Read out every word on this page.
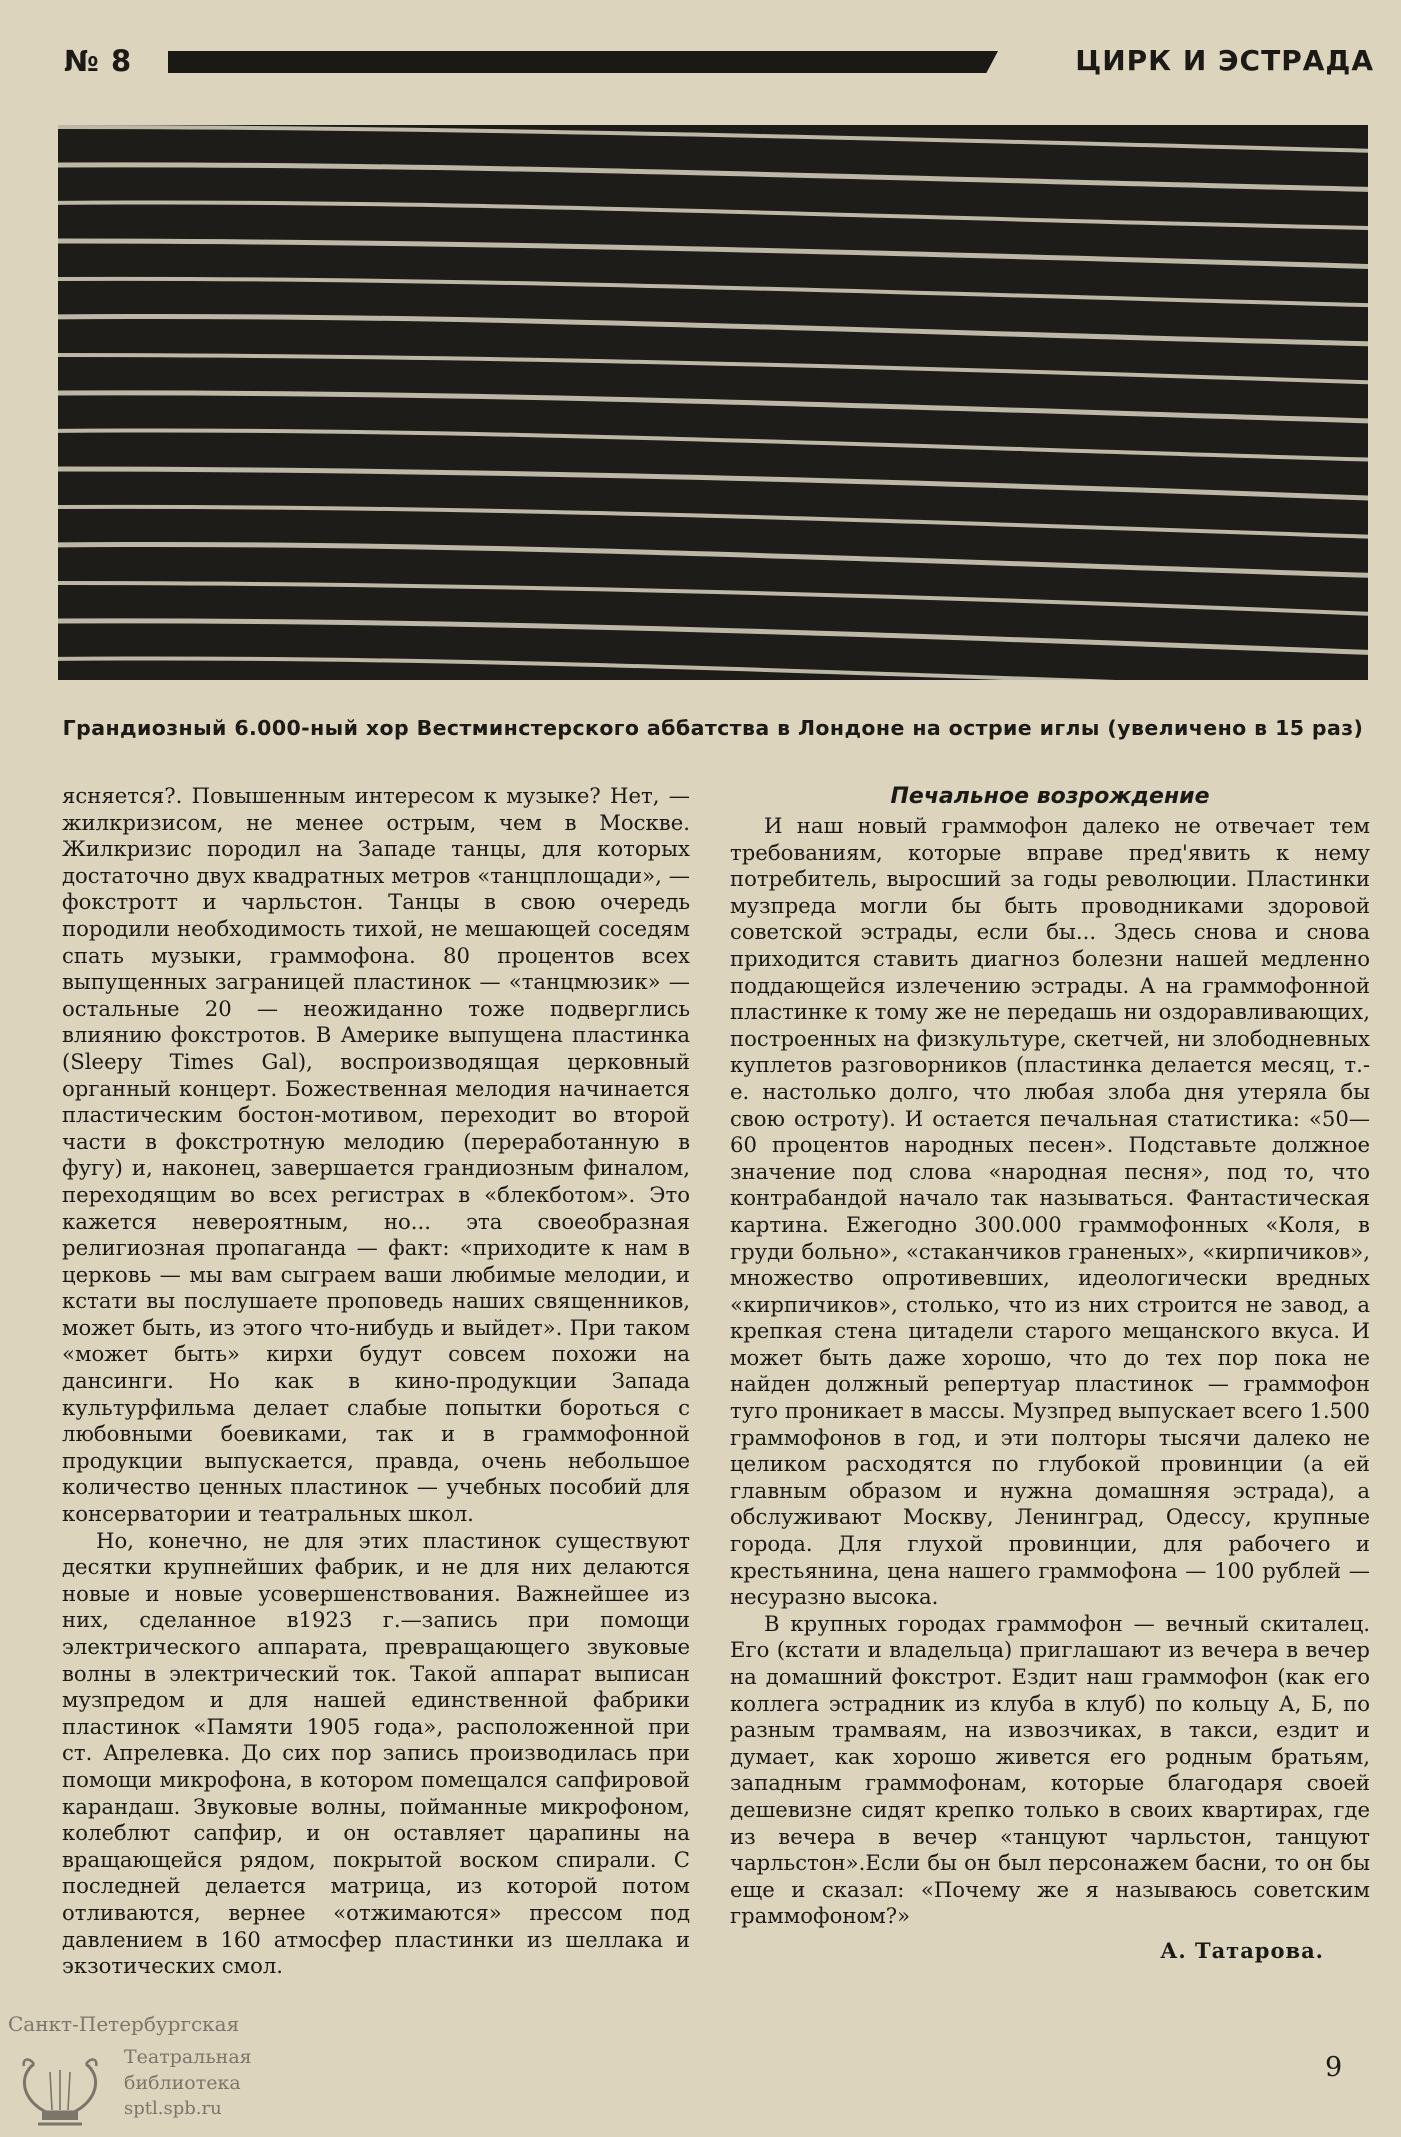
№ 8	ЦИРК И ЭСТРАДА
Грандиозный 6.000-ный хор Вестминстерского аббатства в Лондоне на острие иглы (увеличено в 15 раз)

ясняется?. Повышенным интересом к музыке? Нет, — жилкризисом, не менее острым, чем в Москве. Жилкризис породил на Западе танцы, для которых достаточно двух квадратных метров «танцплощади», — фокстротт и чарльстон. Танцы в свою очередь породили необходимость тихой, не мешающей соседям спать музыки, граммофона. 80 процентов всех выпущенных заграницей пластинок — «танцмюзик» — остальные 20 — неожиданно тоже подверглись влиянию фокстротов. В Америке выпущена пластинка (Sleepy Times Gal), воспроизводящая церковный органный концерт. Божественная мелодия начинается пластическим бостон-мотивом, переходит во второй части в фокстротную мелодию (переработанную в фугу) и, наконец, завершается грандиозным финалом, переходящим во всех регистрах в «блекботом». Это кажется невероятным, но... эта своеобразная религиозная пропаганда — факт: «приходите к нам в церковь — мы вам сыграем ваши любимые мелодии, и кстати вы послушаете проповедь наших священников, может быть, из этого что-нибудь и выйдет». При таком «может быть» кирхи будут совсем похожи на дансинги. Но как в кино-продукции Запада культурфильма делает слабые попытки бороться с любовными боевиками, так и в граммофонной продукции выпускается, правда, очень небольшое количество ценных пластинок — учебных пособий для консерватории и театральных школ.

Но, конечно, не для этих пластинок существуют десятки крупнейших фабрик, и не для них делаются новые и новые усовершенствования. Важнейшее из них, сделанное в1923 г.—запись при помощи электрического аппарата, превращающего звуковые волны в электрический ток. Такой аппарат выписан музпредом и для нашей единственной фабрики пластинок «Памяти 1905 года», расположенной при ст. Апрелевка. До сих пор запись производилась при помощи микрофона, в котором помещался сапфировой карандаш. Звуковые волны, пойманные микрофоном, колеблют сапфир, и он оставляет царапины на вращающейся рядом, покрытой воском спирали. С последней делается матрица, из которой потом отливаются, вернее «отжимаются» прессом под давлением в 160 атмосфер пластинки из шеллака и экзотических смол.

Печальное возрождение

И наш новый граммофон далеко не отвечает тем требованиям, которые вправе пред'явить к нему потребитель, выросший за годы революции. Пластинки музпреда могли бы быть проводниками здоровой советской эстрады, если бы... Здесь снова и снова приходится ставить диагноз болезни нашей медленно поддающейся излечению эстрады. А на граммофонной пластинке к тому же не передашь ни оздоравливающих, построенных на физкультуре, скетчей, ни злободневных куплетов разговорников (пластинка делается месяц, т.-е. настолько долго, что любая злоба дня утеряла бы свою остроту). И остается печальная статистика: «50—60 процентов народных песен». Подставьте должное значение под слова «народная песня», под то, что контрабандой начало так называться. Фантастическая картина. Ежегодно 300.000 граммофонных «Коля, в груди больно», «стаканчиков граненых», «кирпичиков», множество опротивевших, идеологически вредных «кирпичиков», столько, что из них строится не завод, а крепкая стена цитадели старого мещанского вкуса. И может быть даже хорошо, что до тех пор пока не найден должный репертуар пластинок — граммофон туго проникает в массы. Музпред выпускает всего 1.500 граммофонов в год, и эти полторы тысячи далеко не целиком расходятся по глубокой провинции (а ей главным образом и нужна домашняя эстрада), а обслуживают Москву, Ленинград, Одессу, крупные города. Для глухой провинции, для рабочего и крестьянина, цена нашего граммофона — 100 рублей — несуразно высока.

В крупных городах граммофон — вечный скиталец. Его (кстати и владельца) приглашают из вечера в вечер на домашний фокстрот. Ездит наш граммофон (как его коллега эстрадник из клуба в клуб) по кольцу А, Б, по разным трамваям, на извозчиках, в такси, ездит и думает, как хорошо живется его родным братьям, западным граммофонам, которые благодаря своей дешевизне сидят крепко только в своих квартирах, где из вечера в вечер «танцуют чарльстон, танцуют чарльстон».Если бы он был персонажем басни, то он бы еще и сказал: «Почему же я называюсь советским граммофоном?»

А. Татарова.
9
Санкт-Петербургская
Театральная
библиотека
sptl.spb.ru
